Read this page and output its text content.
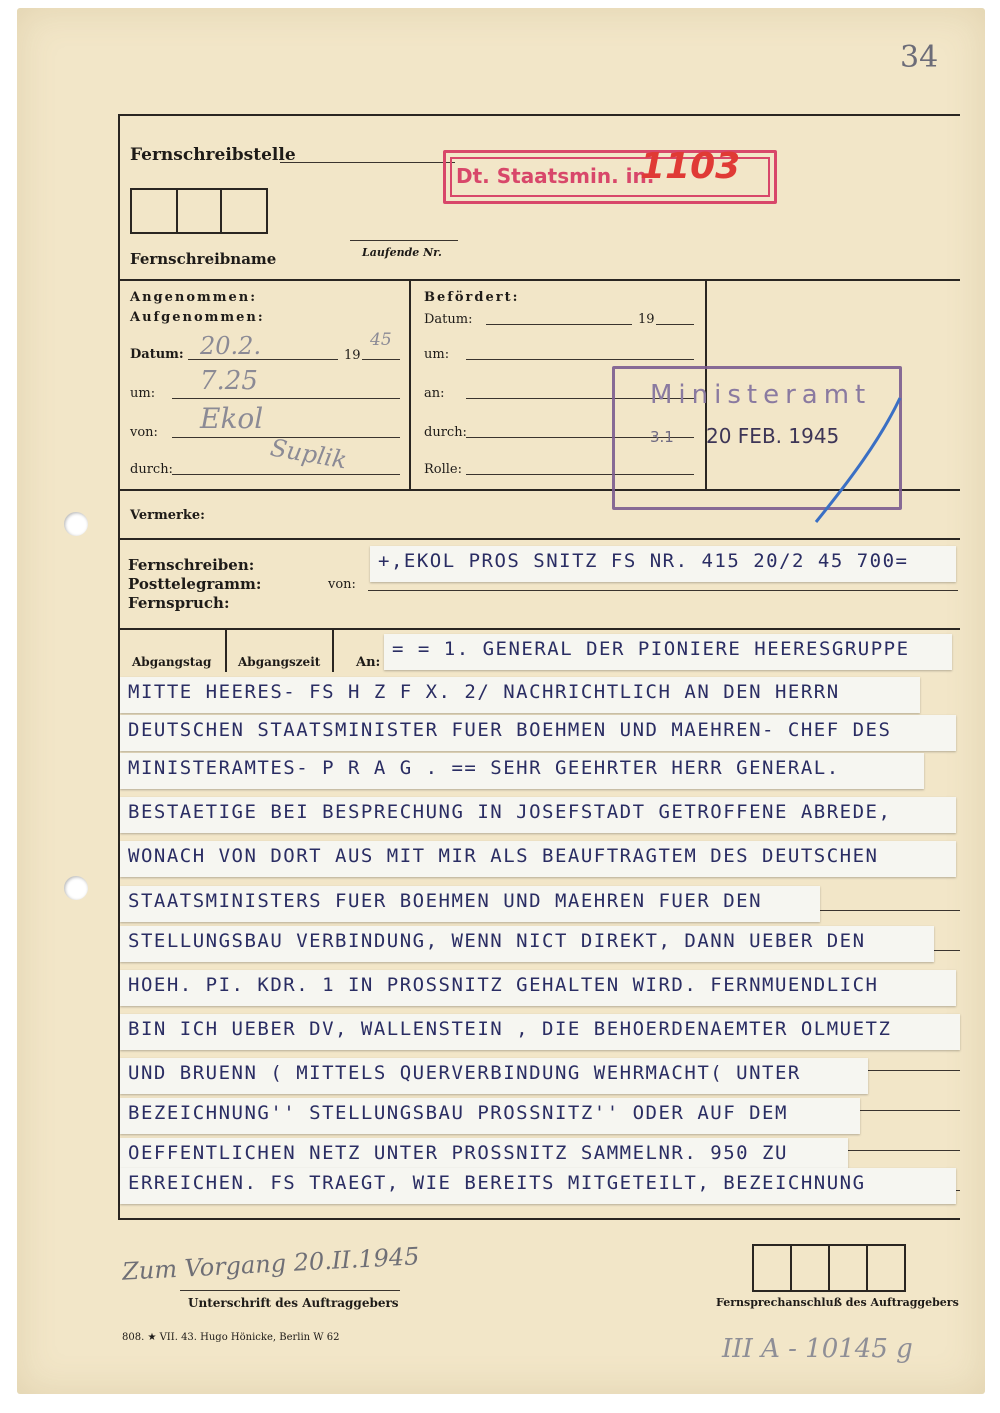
34
Fernschreibstelle
Fernschreibname	Laufende Nr.
Dt. Staatsmin. in.
1103
Angenommen:
Aufgenommen:
Datum: 20.2.	19
45
um: 7.25
von: Ekol
durch:	Suplik
Befördert:
Datum:	19
um:
an:
durch:
Rolle:
Ministeramt
3.1 20 FEB. 1945
Vermerke:
Fernschreiben:
Posttelegramm:
Fernspruch:
von:
+,EKOL PROS SNITZ FS NR. 415 20/2 45 700=
Abgangstag Abgangszeit	An:
= = 1. GENERAL DER PIONIERE HEERESGRUPPE
MITTE HEERES- FS H Z F X. 2/ NACHRICHTLICH AN DEN HERRN
DEUTSCHEN STAATSMINISTER FUER BOEHMEN UND MAEHREN- CHEF DES
MINISTERAMTES- P R A G . == SEHR GEEHRTER HERR GENERAL.
BESTAETIGE BEI BESPRECHUNG IN JOSEFSTADT GETROFFENE ABREDE,
WONACH VON DORT AUS MIT MIR ALS BEAUFTRAGTEM DES DEUTSCHEN
STAATSMINISTERS FUER BOEHMEN UND MAEHREN FUER DEN
STELLUNGSBAU VERBINDUNG, WENN NICT DIREKT, DANN UEBER DEN
HOEH. PI. KDR. 1 IN PROSSNITZ GEHALTEN WIRD. FERNMUENDLICH
BIN ICH UEBER DV, WALLENSTEIN , DIE BEHOERDENAEMTER OLMUETZ
UND BRUENN ( MITTELS QUERVERBINDUNG WEHRMACHT( UNTER
BEZEICHNUNG'' STELLUNGSBAU PROSSNITZ'' ODER AUF DEM
OEFFENTLICHEN NETZ UNTER PROSSNITZ SAMMELNR. 950 ZU
ERREICHEN. FS TRAEGT, WIE BEREITS MITGETEILT, BEZEICHNUNG
Zum Vorgang 20.II.1945
Unterschrift des Auftraggebers	Fernsprechanschluß des Auftraggebers
808. ★ VII. 43. Hugo Hönicke, Berlin W 62	III A - 10145 g
